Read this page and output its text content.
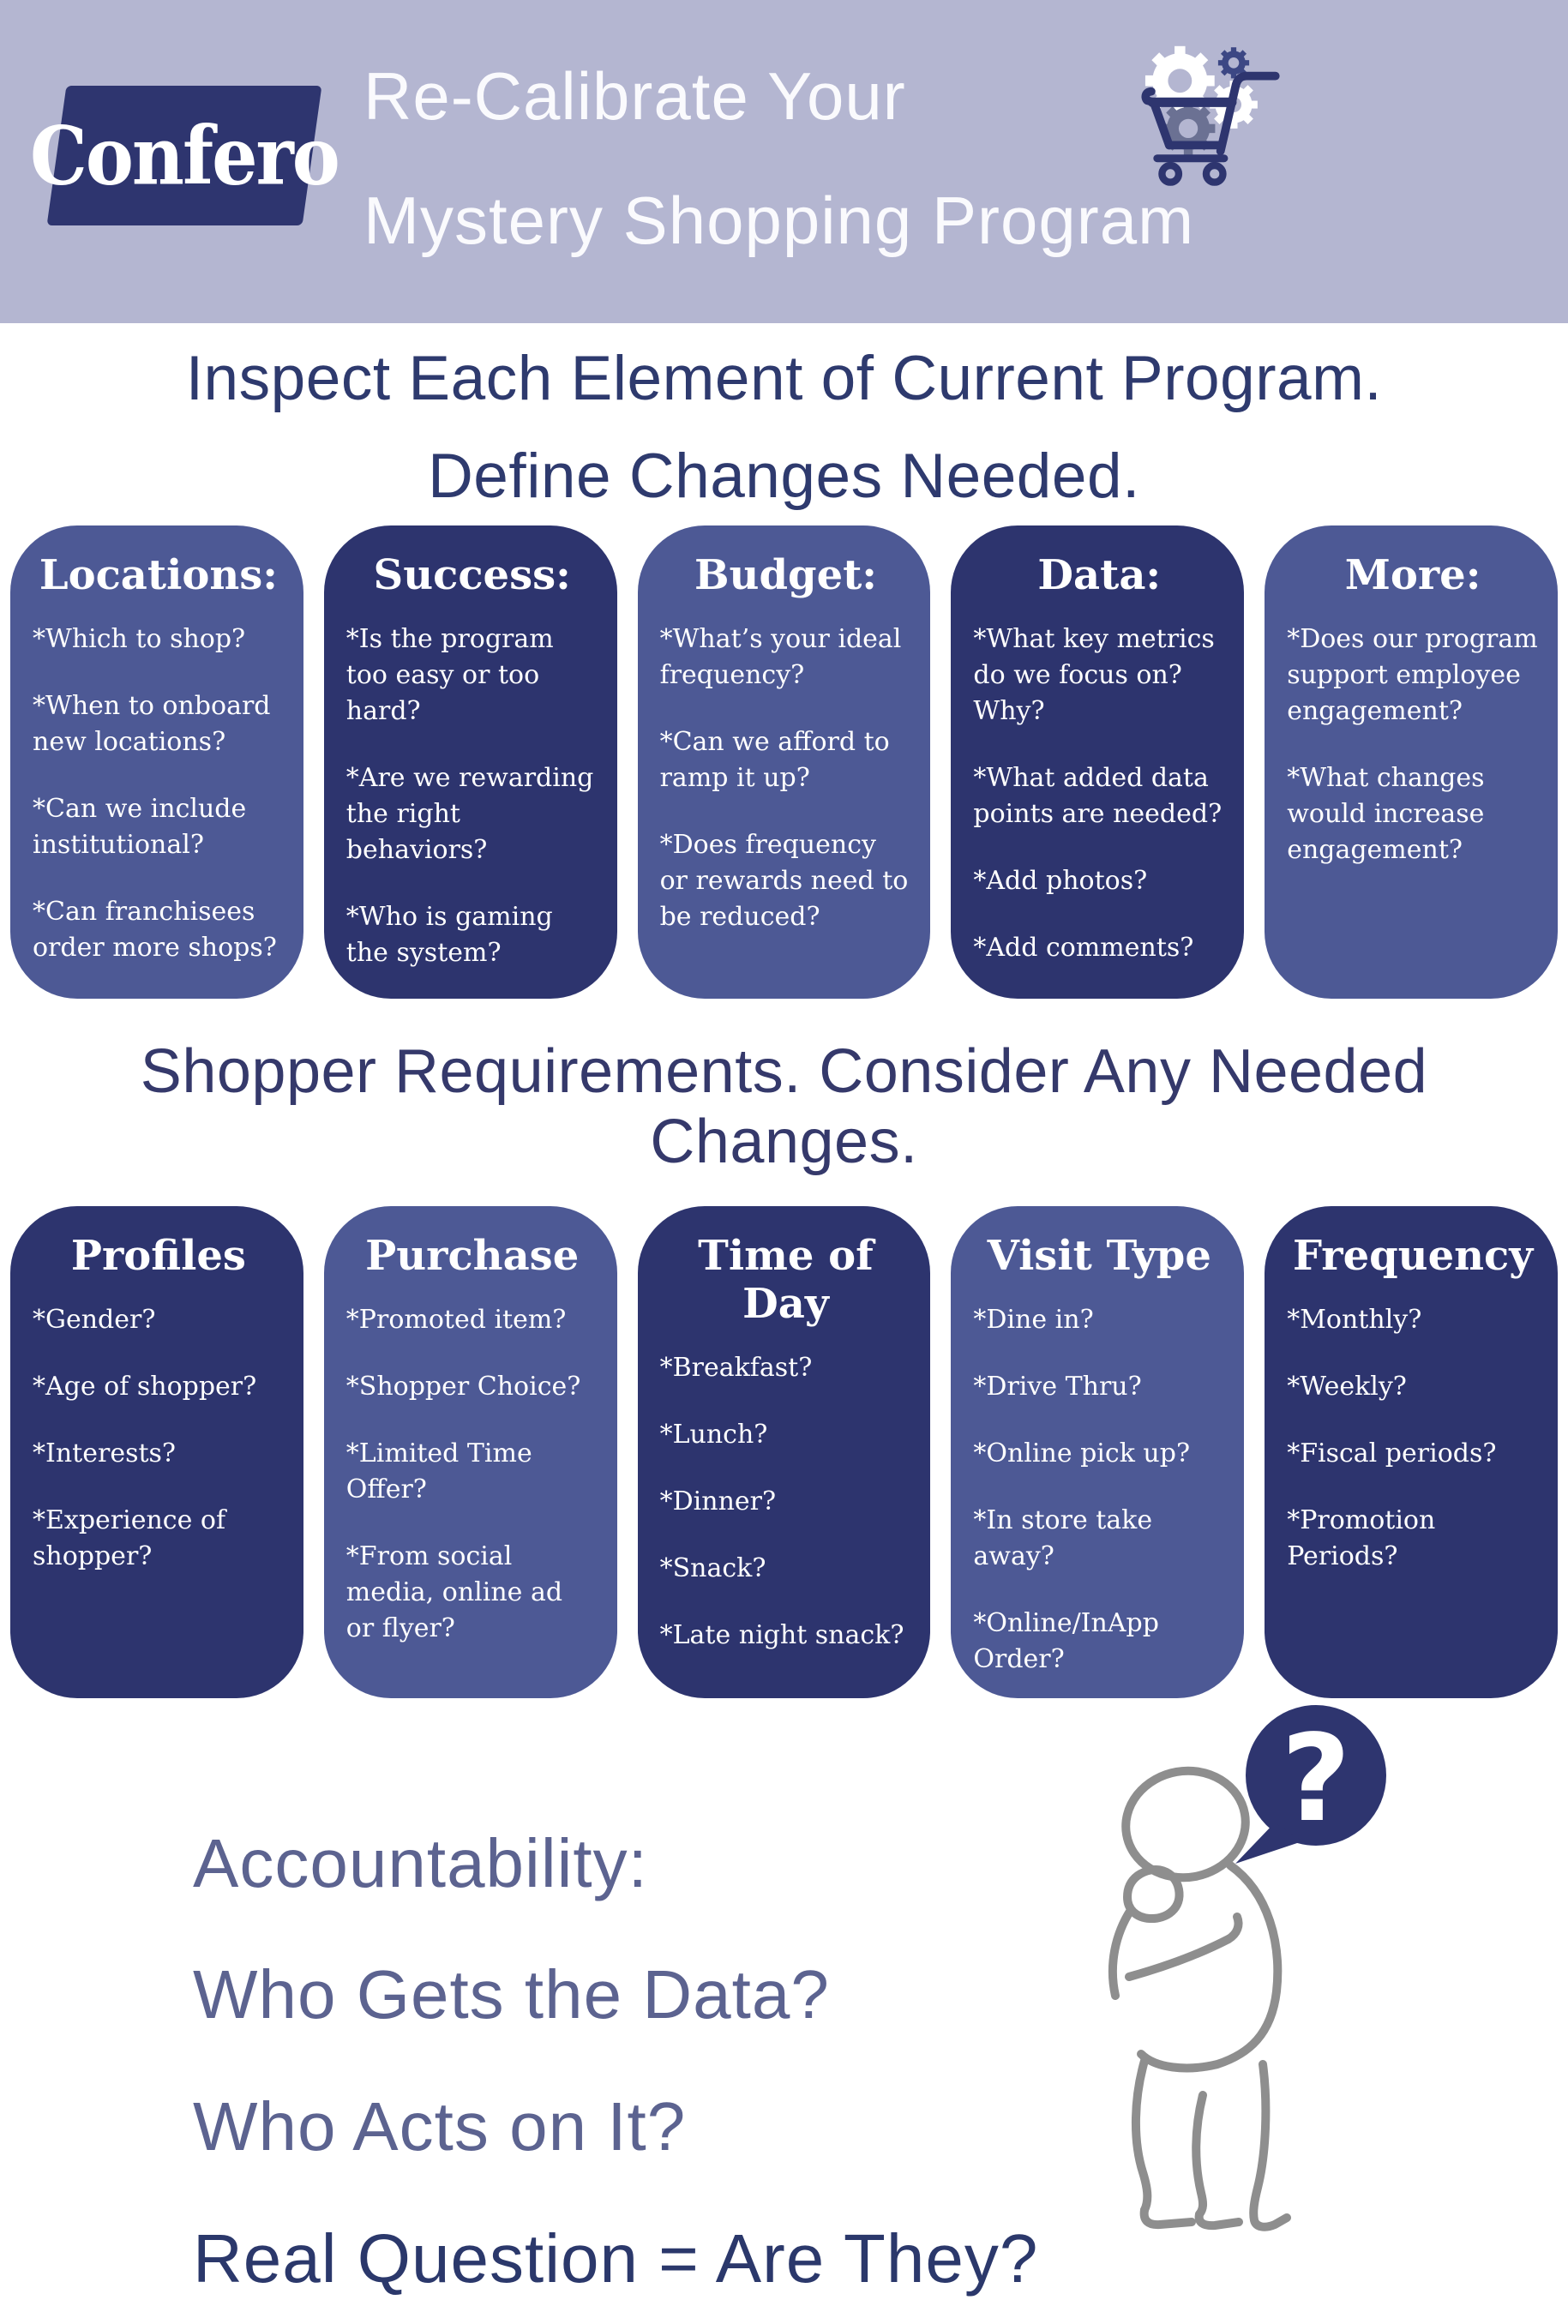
Confero
Re-Calibrate Your
Mystery Shopping Program
Inspect Each Element of Current Program.
Define Changes Needed.
Locations:

*Which to shop?

*When to onboard new locations?

*Can we include institutional?

*Can franchisees order more shops?

Success:

*Is the program too easy or too hard?

*Are we rewarding the right behaviors?

*Who is gaming the system?

Budget:

*What’s your ideal frequency?

*Can we afford to ramp it up?

*Does frequency or rewards need to be reduced?

Data:

*What key metrics do we focus on? Why?

*What added data points are needed?

*Add photos?

*Add comments?

More:

*Does our program support employee engagement?

*What changes would increase engagement?

Shopper Requirements. Consider Any Needed Changes.
Profiles

*Gender?

*Age of shopper?

*Interests?

*Experience of shopper?

Purchase

*Promoted item?

*Shopper Choice?

*Limited Time Offer?

*From social media, online ad or flyer?

Time of Day

*Breakfast?

*Lunch?

*Dinner?

*Snack?

*Late night snack?

Visit Type

*Dine in?

*Drive Thru?

*Online pick up?

*In store take away?

*Online/InApp Order?

Frequency

*Monthly?

*Weekly?

*Fiscal periods?

*Promotion Periods?

Accountability:
Who Gets the Data?
Who Acts on It?
Real Question = Are They?
?
